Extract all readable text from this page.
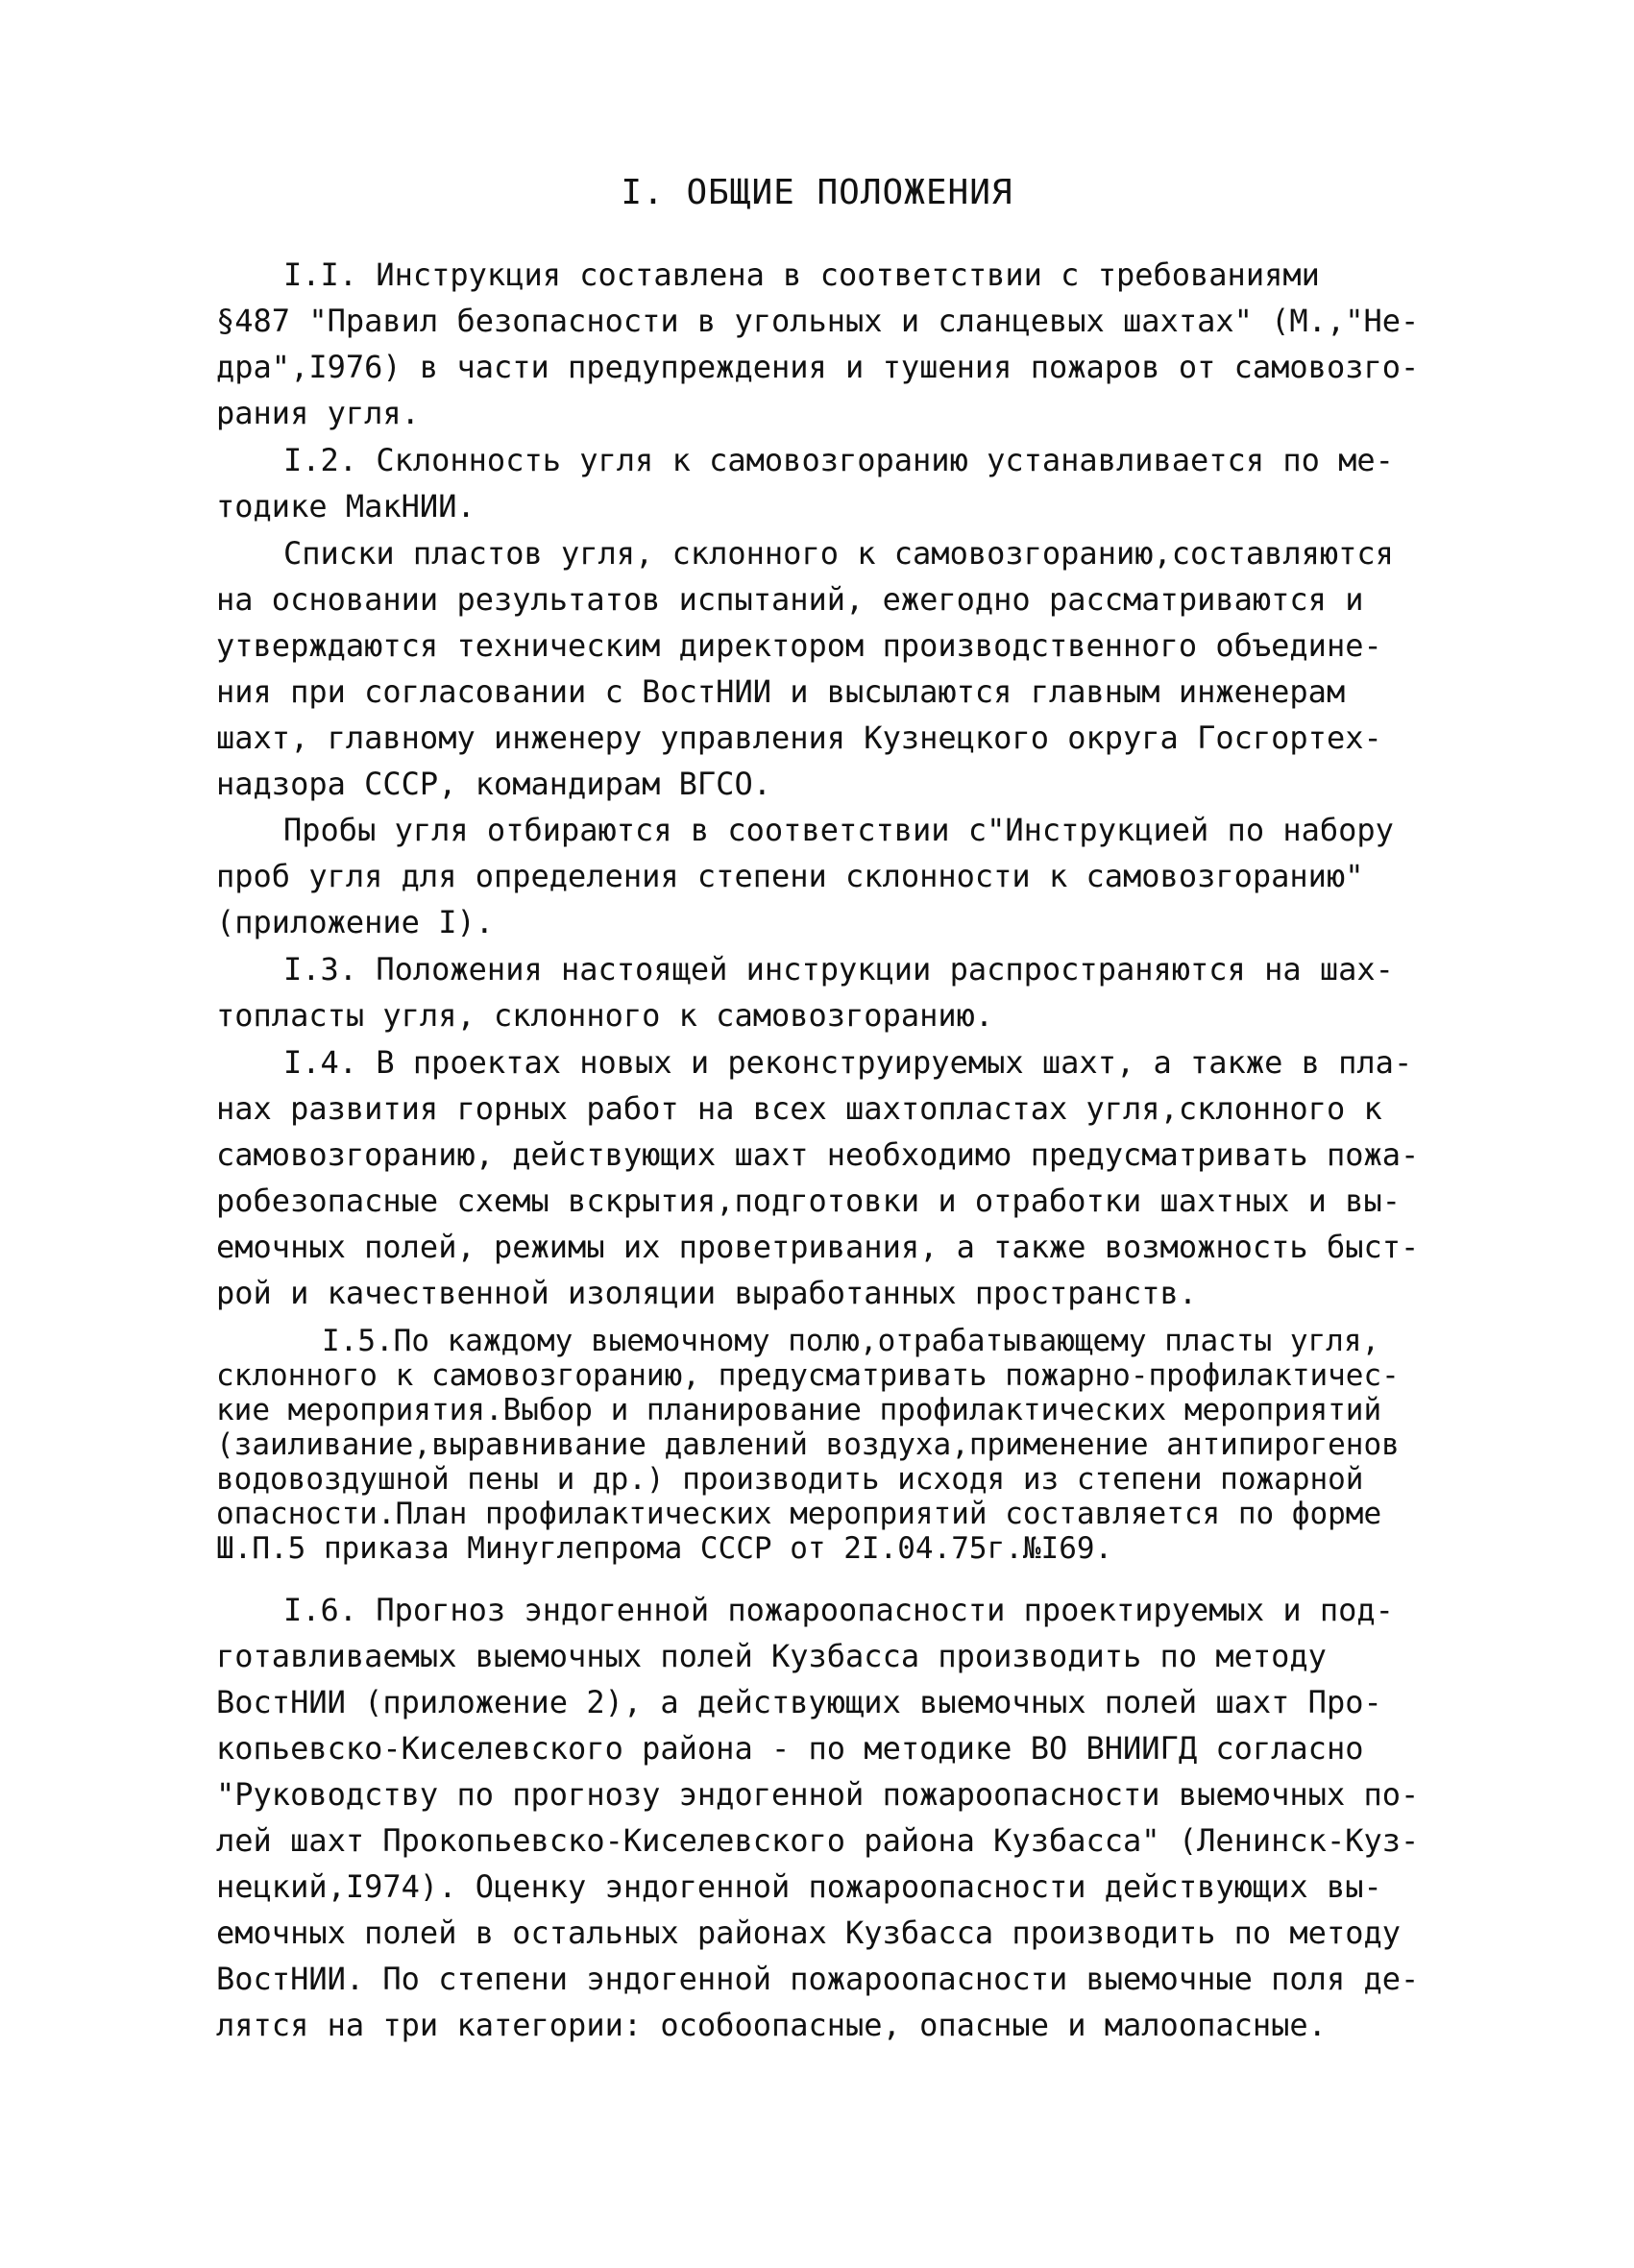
I. ОБЩИЕ ПОЛОЖЕНИЯ
I.I. Инструкция составлена в соответствии с требованиями
§487 "Правил безопасности в угольных и сланцевых шахтах" (М.,"Не-
дра",I976) в части предупреждения и тушения пожаров от самовозго-
рания угля.
I.2. Склонность угля к самовозгоранию устанавливается по ме-
тодике МакНИИ.
Списки пластов угля, склонного к самовозгоранию,составляются
на основании результатов испытаний, ежегодно рассматриваются и
утверждаются техническим директором производственного объедине-
ния при согласовании с ВостНИИ и высылаются главным инженерам
шахт, главному инженеру управления Кузнецкого округа Госгортех-
надзора СССР, командирам ВГСО.
Пробы угля отбираются в соответствии с"Инструкцией по набору
проб угля для определения степени склонности к самовозгоранию"
(приложение I).
I.3. Положения настоящей инструкции распространяются на шах-
топласты угля, склонного к самовозгоранию.
I.4. В проектах новых и реконструируемых шахт, а также в пла-
нах развития горных работ на всех шахтопластах угля,склонного к
самовозгоранию, действующих шахт необходимо предусматривать пожа-
робезопасные схемы вскрытия,подготовки и отработки шахтных и вы-
емочных полей, режимы их проветривания, а также возможность быст-
рой и качественной изоляции выработанных пространств.
I.5.По каждому выемочному полю,отрабатывающему пласты угля,
склонного к самовозгоранию, предусматривать пожарно-профилактичес-
кие мероприятия.Выбор и планирование профилактических мероприятий
(заиливание,выравнивание давлений воздуха,применение антипирогенов
водовоздушной пены и др.) производить исходя из степени пожарной
опасности.План профилактических мероприятий составляется по форме
Ш.П.5 приказа Минуглепрома СССР от 2I.04.75г.№I69.
I.6. Прогноз эндогенной пожароопасности проектируемых и под-
готавливаемых выемочных полей Кузбасса производить по методу
ВостНИИ (приложение 2), а действующих выемочных полей шахт Про-
копьевско-Киселевского района - по методике ВО ВНИИГД согласно
"Руководству по прогнозу эндогенной пожароопасности выемочных по-
лей шахт Прокопьевско-Киселевского района Кузбасса" (Ленинск-Куз-
нецкий,I974). Оценку эндогенной пожароопасности действующих вы-
емочных полей в остальных районах Кузбасса производить по методу
ВостНИИ. По степени эндогенной пожароопасности выемочные поля де-
лятся на три категории: особоопасные, опасные и малоопасные.
